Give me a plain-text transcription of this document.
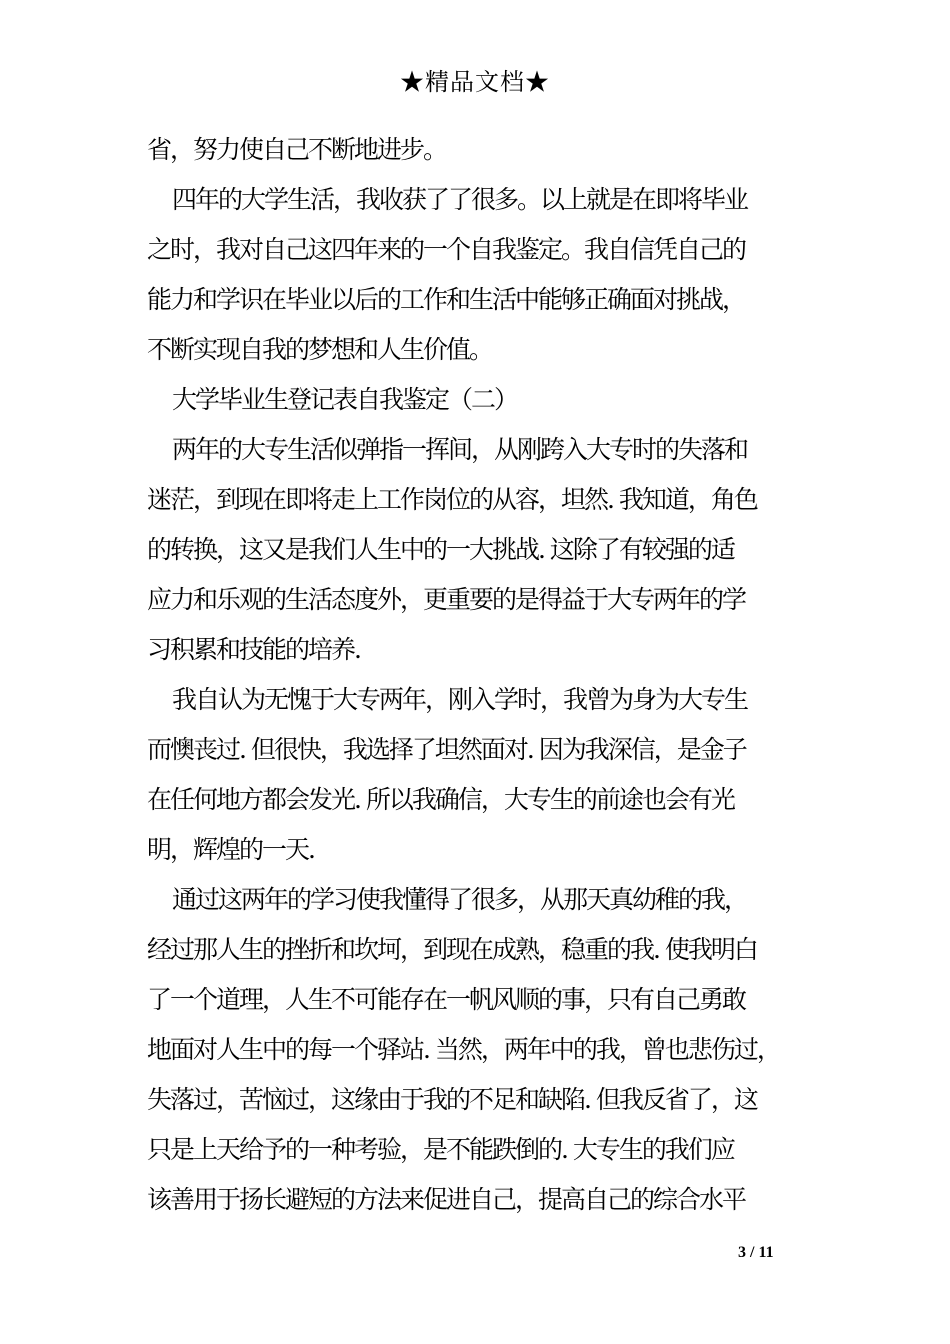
★精品文档★
省，努力使自己不断地进步。
四年的大学生活，我收获了了很多。以上就是在即将毕业
之时，我对自己这四年来的一个自我鉴定。我自信凭自己的
能力和学识在毕业以后的工作和生活中能够正确面对挑战，
不断实现自我的梦想和人生价值。
大学毕业生登记表自我鉴定（二）
两年的大专生活似弹指一挥间，从刚跨入大专时的失落和
迷茫，到现在即将走上工作岗位的从容，坦然. 我知道，角色
的转换，这又是我们人生中的一大挑战. 这除了有较强的适
应力和乐观的生活态度外，更重要的是得益于大专两年的学
习积累和技能的培养.
我自认为无愧于大专两年，刚入学时，我曾为身为大专生
而懊丧过. 但很快，我选择了坦然面对. 因为我深信，是金子
在任何地方都会发光. 所以我确信，大专生的前途也会有光
明，辉煌的一天.
通过这两年的学习使我懂得了很多，从那天真幼稚的我，
经过那人生的挫折和坎坷，到现在成熟，稳重的我. 使我明白
了一个道理，人生不可能存在一帆风顺的事，只有自己勇敢
地面对人生中的每一个驿站. 当然，两年中的我，曾也悲伤过，
失落过，苦恼过，这缘由于我的不足和缺陷. 但我反省了，这
只是上天给予的一种考验，是不能跌倒的. 大专生的我们应
该善用于扬长避短的方法来促进自己，提高自己的综合水平
3 / 11
